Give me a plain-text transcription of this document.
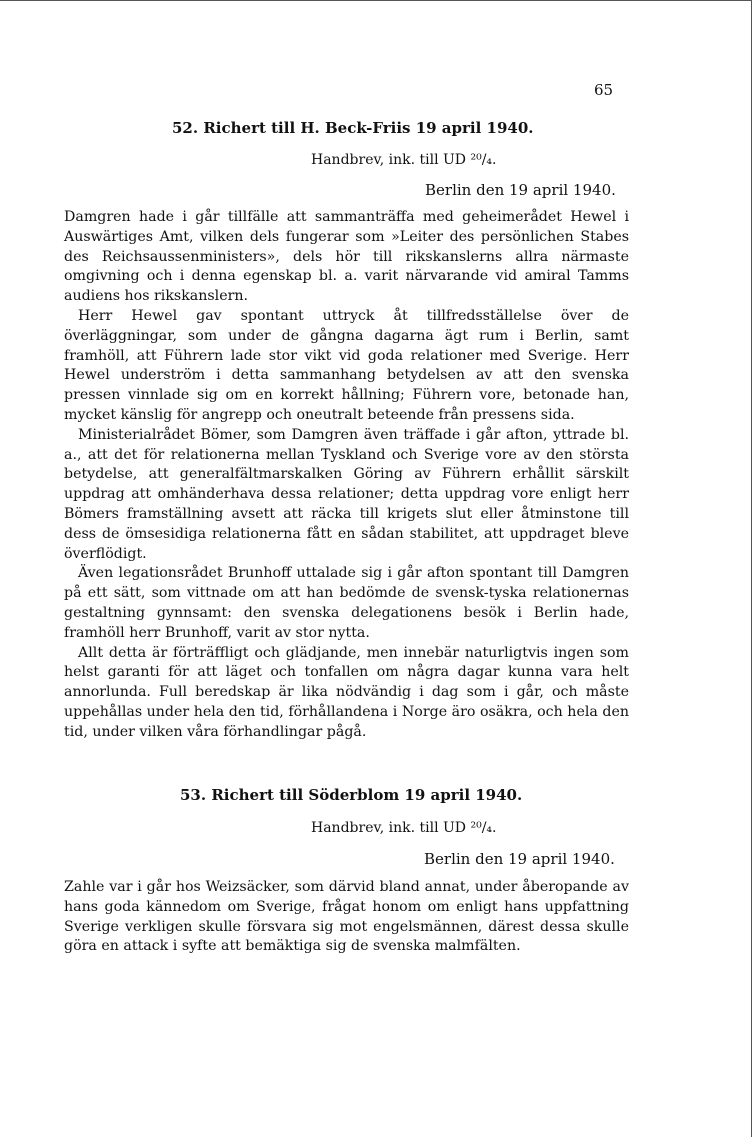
65
52. Richert till H. Beck-Friis 19 april 1940.
Handbrev, ink. till UD ²⁰/₄.
Berlin den 19 april 1940.

Damgren hade i går tillfälle att sammanträffa med geheimerådet Hewel i Auswärtiges Amt, vilken dels fungerar som »Leiter des persönlichen Stabes des Reichsaussenministers», dels hör till rikskanslerns allra närmaste omgivning och i denna egenskap bl. a. varit närvarande vid amiral Tamms audiens hos rikskanslern.

Herr Hewel gav spontant uttryck åt tillfredsställelse över de överläggningar, som under de gångna dagarna ägt rum i Berlin, samt framhöll, att Führern lade stor vikt vid goda relationer med Sverige. Herr Hewel underström i detta sammanhang betydelsen av att den svenska pressen vinnlade sig om en korrekt hållning; Führern vore, betonade han, mycket känslig för angrepp och oneutralt beteende från pressens sida.

Ministerialrådet Bömer, som Damgren även träffade i går afton, yttrade bl. a., att det för relationerna mellan Tyskland och Sverige vore av den största betydelse, att generalfältmarskalken Göring av Führern erhållit särskilt uppdrag att omhänderhava dessa relationer; detta uppdrag vore enligt herr Bömers framställning avsett att räcka till krigets slut eller åtminstone till dess de ömsesidiga relationerna fått en sådan stabilitet, att uppdraget bleve överflödigt.

Även legationsrådet Brunhoff uttalade sig i går afton spontant till Damgren på ett sätt, som vittnade om att han bedömde de svensk-tyska relationernas gestaltning gynnsamt: den svenska delegationens besök i Berlin hade, framhöll herr Brunhoff, varit av stor nytta.

Allt detta är förträffligt och glädjande, men innebär naturligtvis ingen som helst garanti för att läget och tonfallen om några dagar kunna vara helt annorlunda. Full beredskap är lika nödvändig i dag som i går, och måste uppehållas under hela den tid, förhållandena i Norge äro osäkra, och hela den tid, under vilken våra förhandlingar pågå.

53. Richert till Söderblom 19 april 1940.
Handbrev, ink. till UD ²⁰/₄.
Berlin den 19 april 1940.

Zahle var i går hos Weizsäcker, som därvid bland annat, under åberopande av hans goda kännedom om Sverige, frågat honom om enligt hans uppfattning Sverige verkligen skulle försvara sig mot engelsmännen, därest dessa skulle göra en attack i syfte att bemäktiga sig de svenska malmfälten.
